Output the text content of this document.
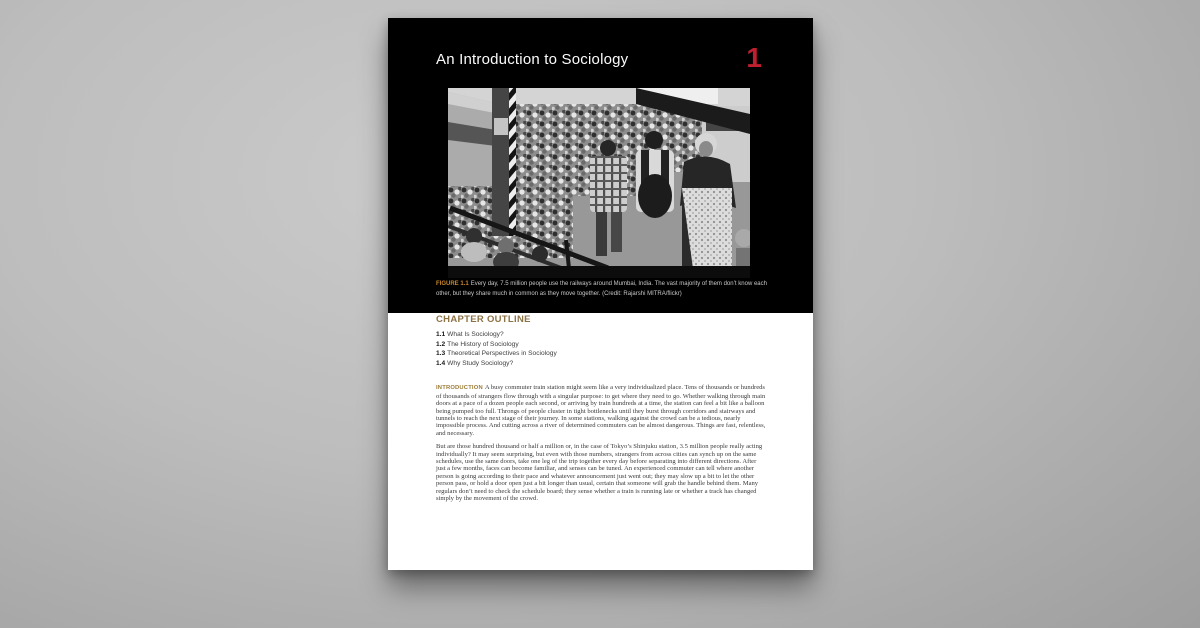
An Introduction to Sociology	1
FIGURE 1.1 Every day, 7.5 million people use the railways around Mumbai, India. The vast majority of them don’t know each other, but they share much in common as they move together. (Credit: Rajarshi MITRA/flickr)
CHAPTER OUTLINE
1.1 What Is Sociology?
1.2 The History of Sociology
1.3 Theoretical Perspectives in Sociology
1.4 Why Study Sociology?

INTRODUCTION A busy commuter train station might seem like a very individualized place. Tens of thousands or hundreds of thousands of strangers flow through with a singular purpose: to get where they need to go. Whether walking through main doors at a pace of a dozen people each second, or arriving by train hundreds at a time, the station can feel a bit like a balloon being pumped too full. Throngs of people cluster in tight bottlenecks until they burst through corridors and stairways and tunnels to reach the next stage of their journey. In some stations, walking against the crowd can be a tedious, nearly impossible process. And cutting across a river of determined commuters can be almost dangerous. Things are fast, relentless, and necessary.

But are those hundred thousand or half a million or, in the case of Tokyo’s Shinjuku station, 3.5 million people really acting individually? It may seem surprising, but even with those numbers, strangers from across cities can synch up on the same schedules, use the same doors, take one leg of the trip together every day before separating into different directions. After just a few months, faces can become familiar, and senses can be tuned. An experienced commuter can tell where another person is going according to their pace and whatever announcement just went out; they may slow up a bit to let the other person pass, or hold a door open just a bit longer than usual, certain that someone will grab the handle behind them. Many regulars don’t need to check the schedule board; they sense whether a train is running late or whether a track has changed simply by the movement of the crowd.
